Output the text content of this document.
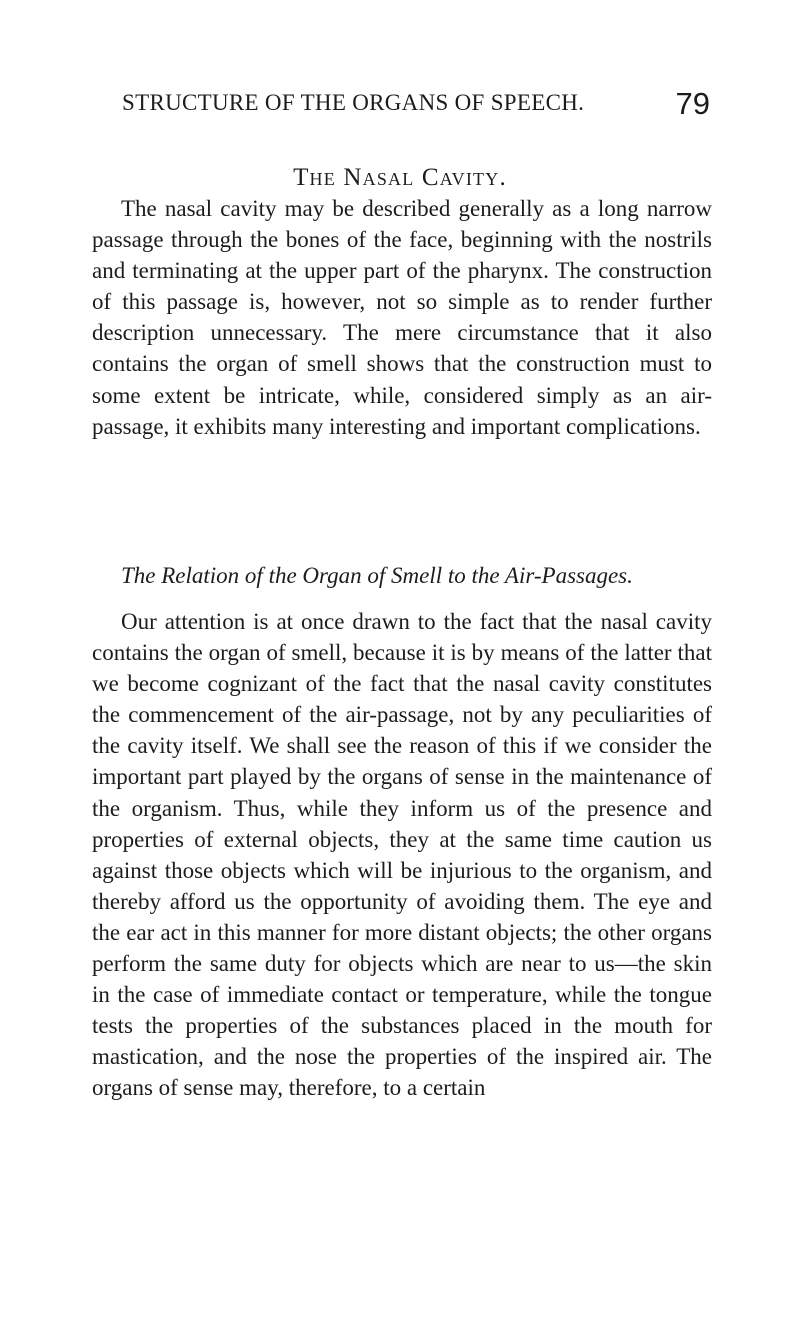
STRUCTURE OF THE ORGANS OF SPEECH.	79
The Nasal Cavity.

The nasal cavity may be described generally as a long narrow passage through the bones of the face, beginning with the nostrils and terminating at the upper part of the pharynx. The construction of this passage is, however, not so simple as to render further description unnecessary. The mere circumstance that it also contains the organ of smell shows that the construction must to some extent be intricate, while, considered simply as an air-passage, it exhibits many interesting and important complications.

The Relation of the Organ of Smell to the Air-Passages.

Our attention is at once drawn to the fact that the nasal cavity contains the organ of smell, because it is by means of the latter that we become cognizant of the fact that the nasal cavity constitutes the commencement of the air-passage, not by any peculiarities of the cavity itself. We shall see the reason of this if we consider the important part played by the organs of sense in the maintenance of the organism. Thus, while they inform us of the presence and properties of external objects, they at the same time caution us against those objects which will be injurious to the organism, and thereby afford us the opportunity of avoiding them. The eye and the ear act in this manner for more distant objects; the other organs perform the same duty for objects which are near to us—the skin in the case of immediate contact or temperature, while the tongue tests the properties of the substances placed in the mouth for mastication, and the nose the properties of the inspired air. The organs of sense may, therefore, to a certain
